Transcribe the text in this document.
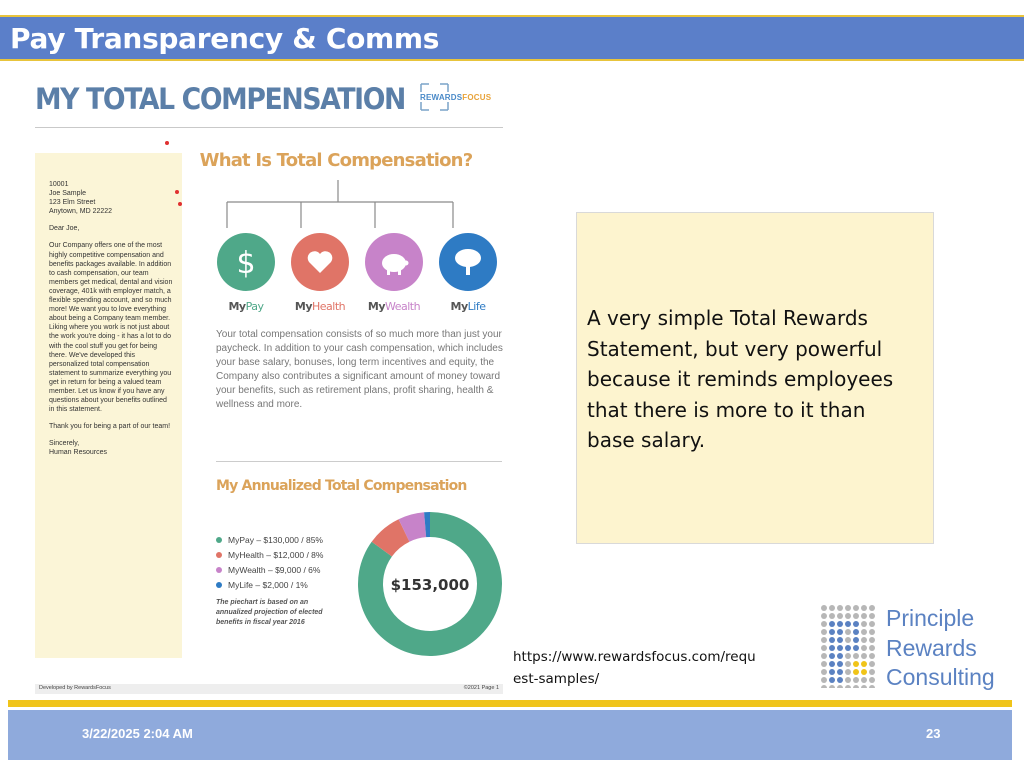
Pay Transparency & Comms
MY TOTAL COMPENSATION REWARDSFOCUS

10001
Joe Sample
123 Elm Street
Anytown, MD 22222

Dear Joe,

Our Company offers one of the most highly competitive compensation and benefits packages available. In addition to cash compensation, our team members get medical, dental and vision coverage, 401k with employer match, a flexible spending account, and so much more! We want you to love everything about being a Company team member. Liking where you work is not just about the work you're doing - it has a lot to do with the cool stuff you get for being there. We've developed this personalized total compensation statement to summarize everything you get in return for being a valued team member. Let us know if you have any questions about your benefits outlined in this statement.

Thank you for being a part of our team!

Sincerely,
Human Resources

What Is Total Compensation?
$
MyPay	MyHealth	MyWealth	MyLife
Your total compensation consists of so much more than just your paycheck. In addition to your cash compensation, which includes your base salary, bonuses, long term incentives and equity, the Company also contributes a significant amount of money toward your benefits, such as retirement plans, profit sharing, health & wellness and more.
My Annualized Total Compensation
MyPay – $130,000 / 85%
MyHealth – $12,000 / 8%
MyWealth – $9,000 / 6%
MyLife – $2,000 / 1%
The piechart is based on an annualized projection of elected benefits in fiscal year 2016
$153,000
Developed by RewardsFocus	©2021 Page 1
A very simple Total Rewards Statement, but very powerful because it reminds employees that there is more to it than base salary.
https://www.rewardsfocus.com/requ est-samples/
Principle
Rewards
Consulting
3/22/2025 2:04 AM	23
